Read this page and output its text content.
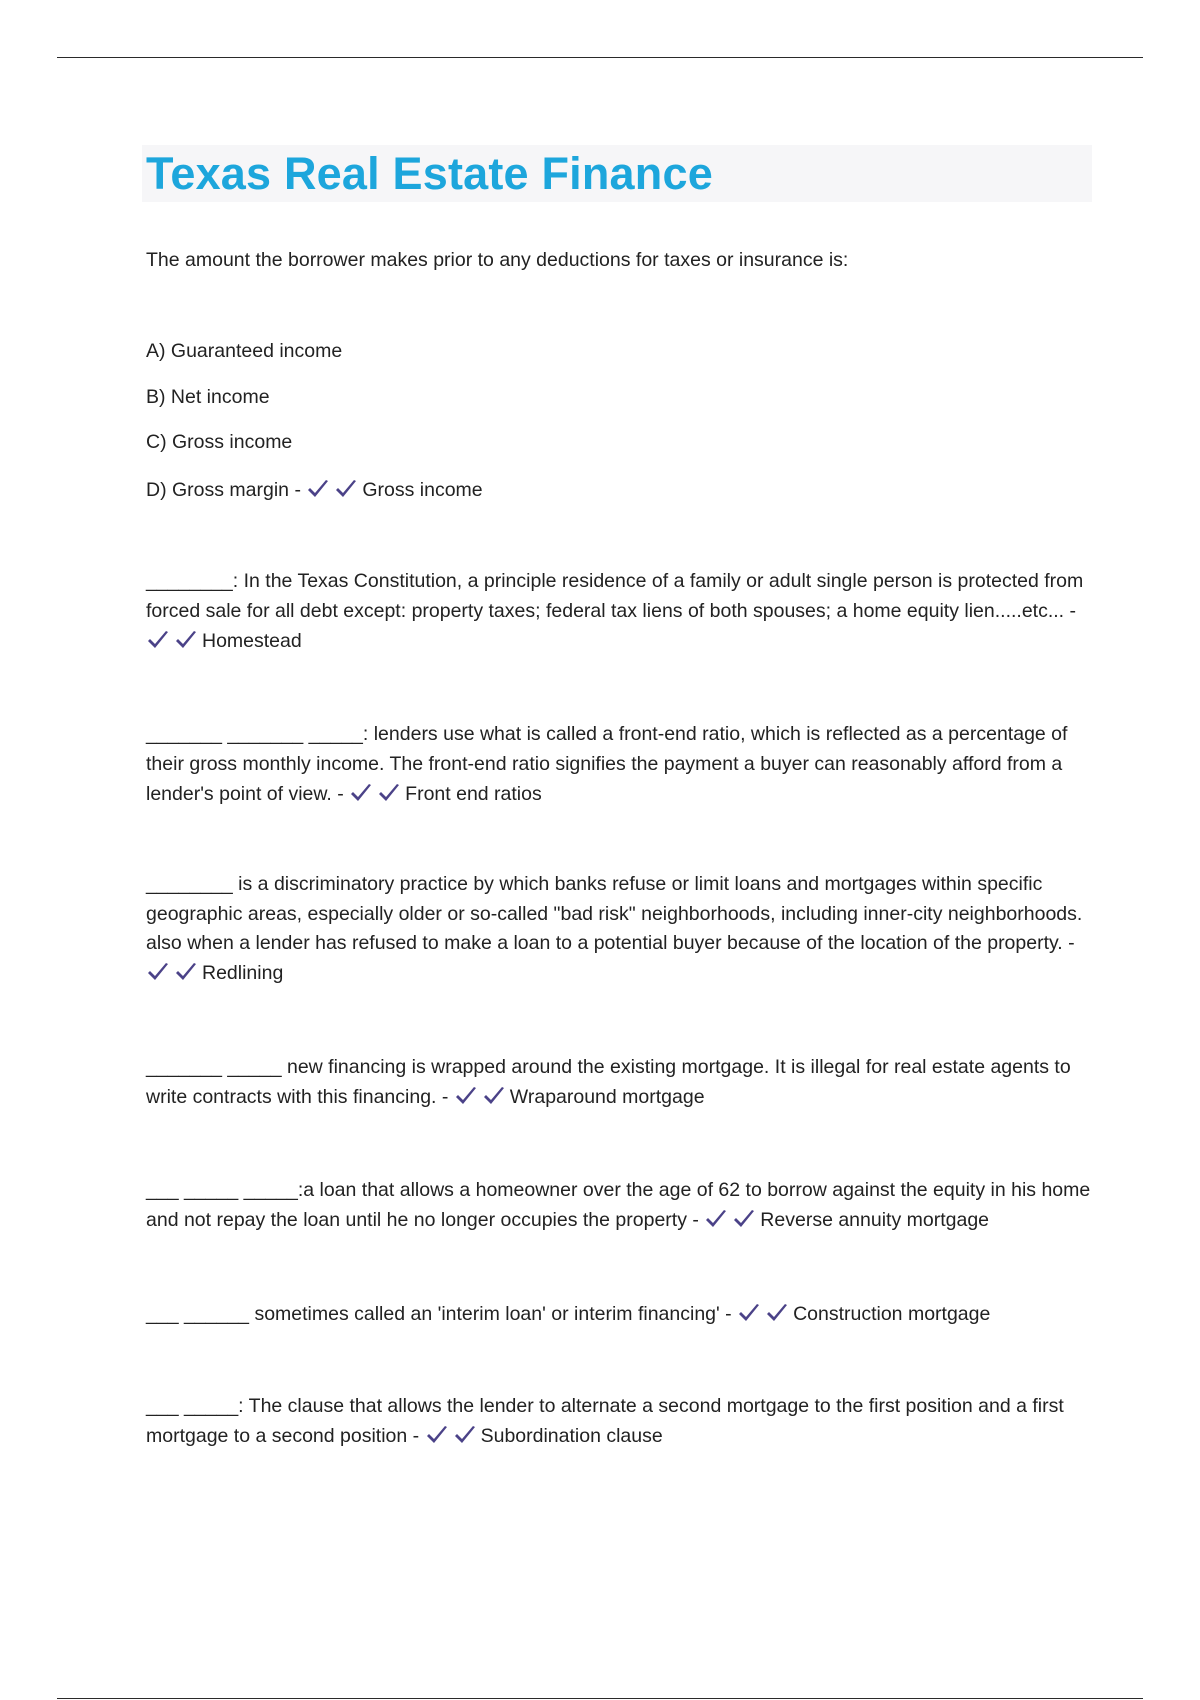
Texas Real Estate Finance

The amount the borrower makes prior to any deductions for taxes or insurance is:

A) Guaranteed income

B) Net income

C) Gross income

D) Gross margin -	Gross income

________: In the Texas Constitution, a principle residence of a family or adult single person is protected from forced sale for all debt except: property taxes; federal tax liens of both spouses; a home equity lien.....etc... -
Homestead

_______ _______ _____: lenders use what is called a front-end ratio, which is reflected as a percentage of their gross monthly income. The front-end ratio signifies the payment a buyer can reasonably afford from a lender's point of view. -	Front end ratios

________ is a discriminatory practice by which banks refuse or limit loans and mortgages within specific geographic areas, especially older or so-called "bad risk" neighborhoods, including inner-city neighborhoods. also when a lender has refused to make a loan to a potential buyer because of the location of the property. -
Redlining

_______ _____ new financing is wrapped around the existing mortgage. It is illegal for real estate agents to write contracts with this financing. -	Wraparound mortgage

___ _____ _____:a loan that allows a homeowner over the age of 62 to borrow against the equity in his home and not repay the loan until he no longer occupies the property -	Reverse annuity mortgage

___ ______ sometimes called an 'interim loan' or interim financing' -	Construction mortgage

___ _____: The clause that allows the lender to alternate a second mortgage to the first position and a first mortgage to a second position -	Subordination clause
